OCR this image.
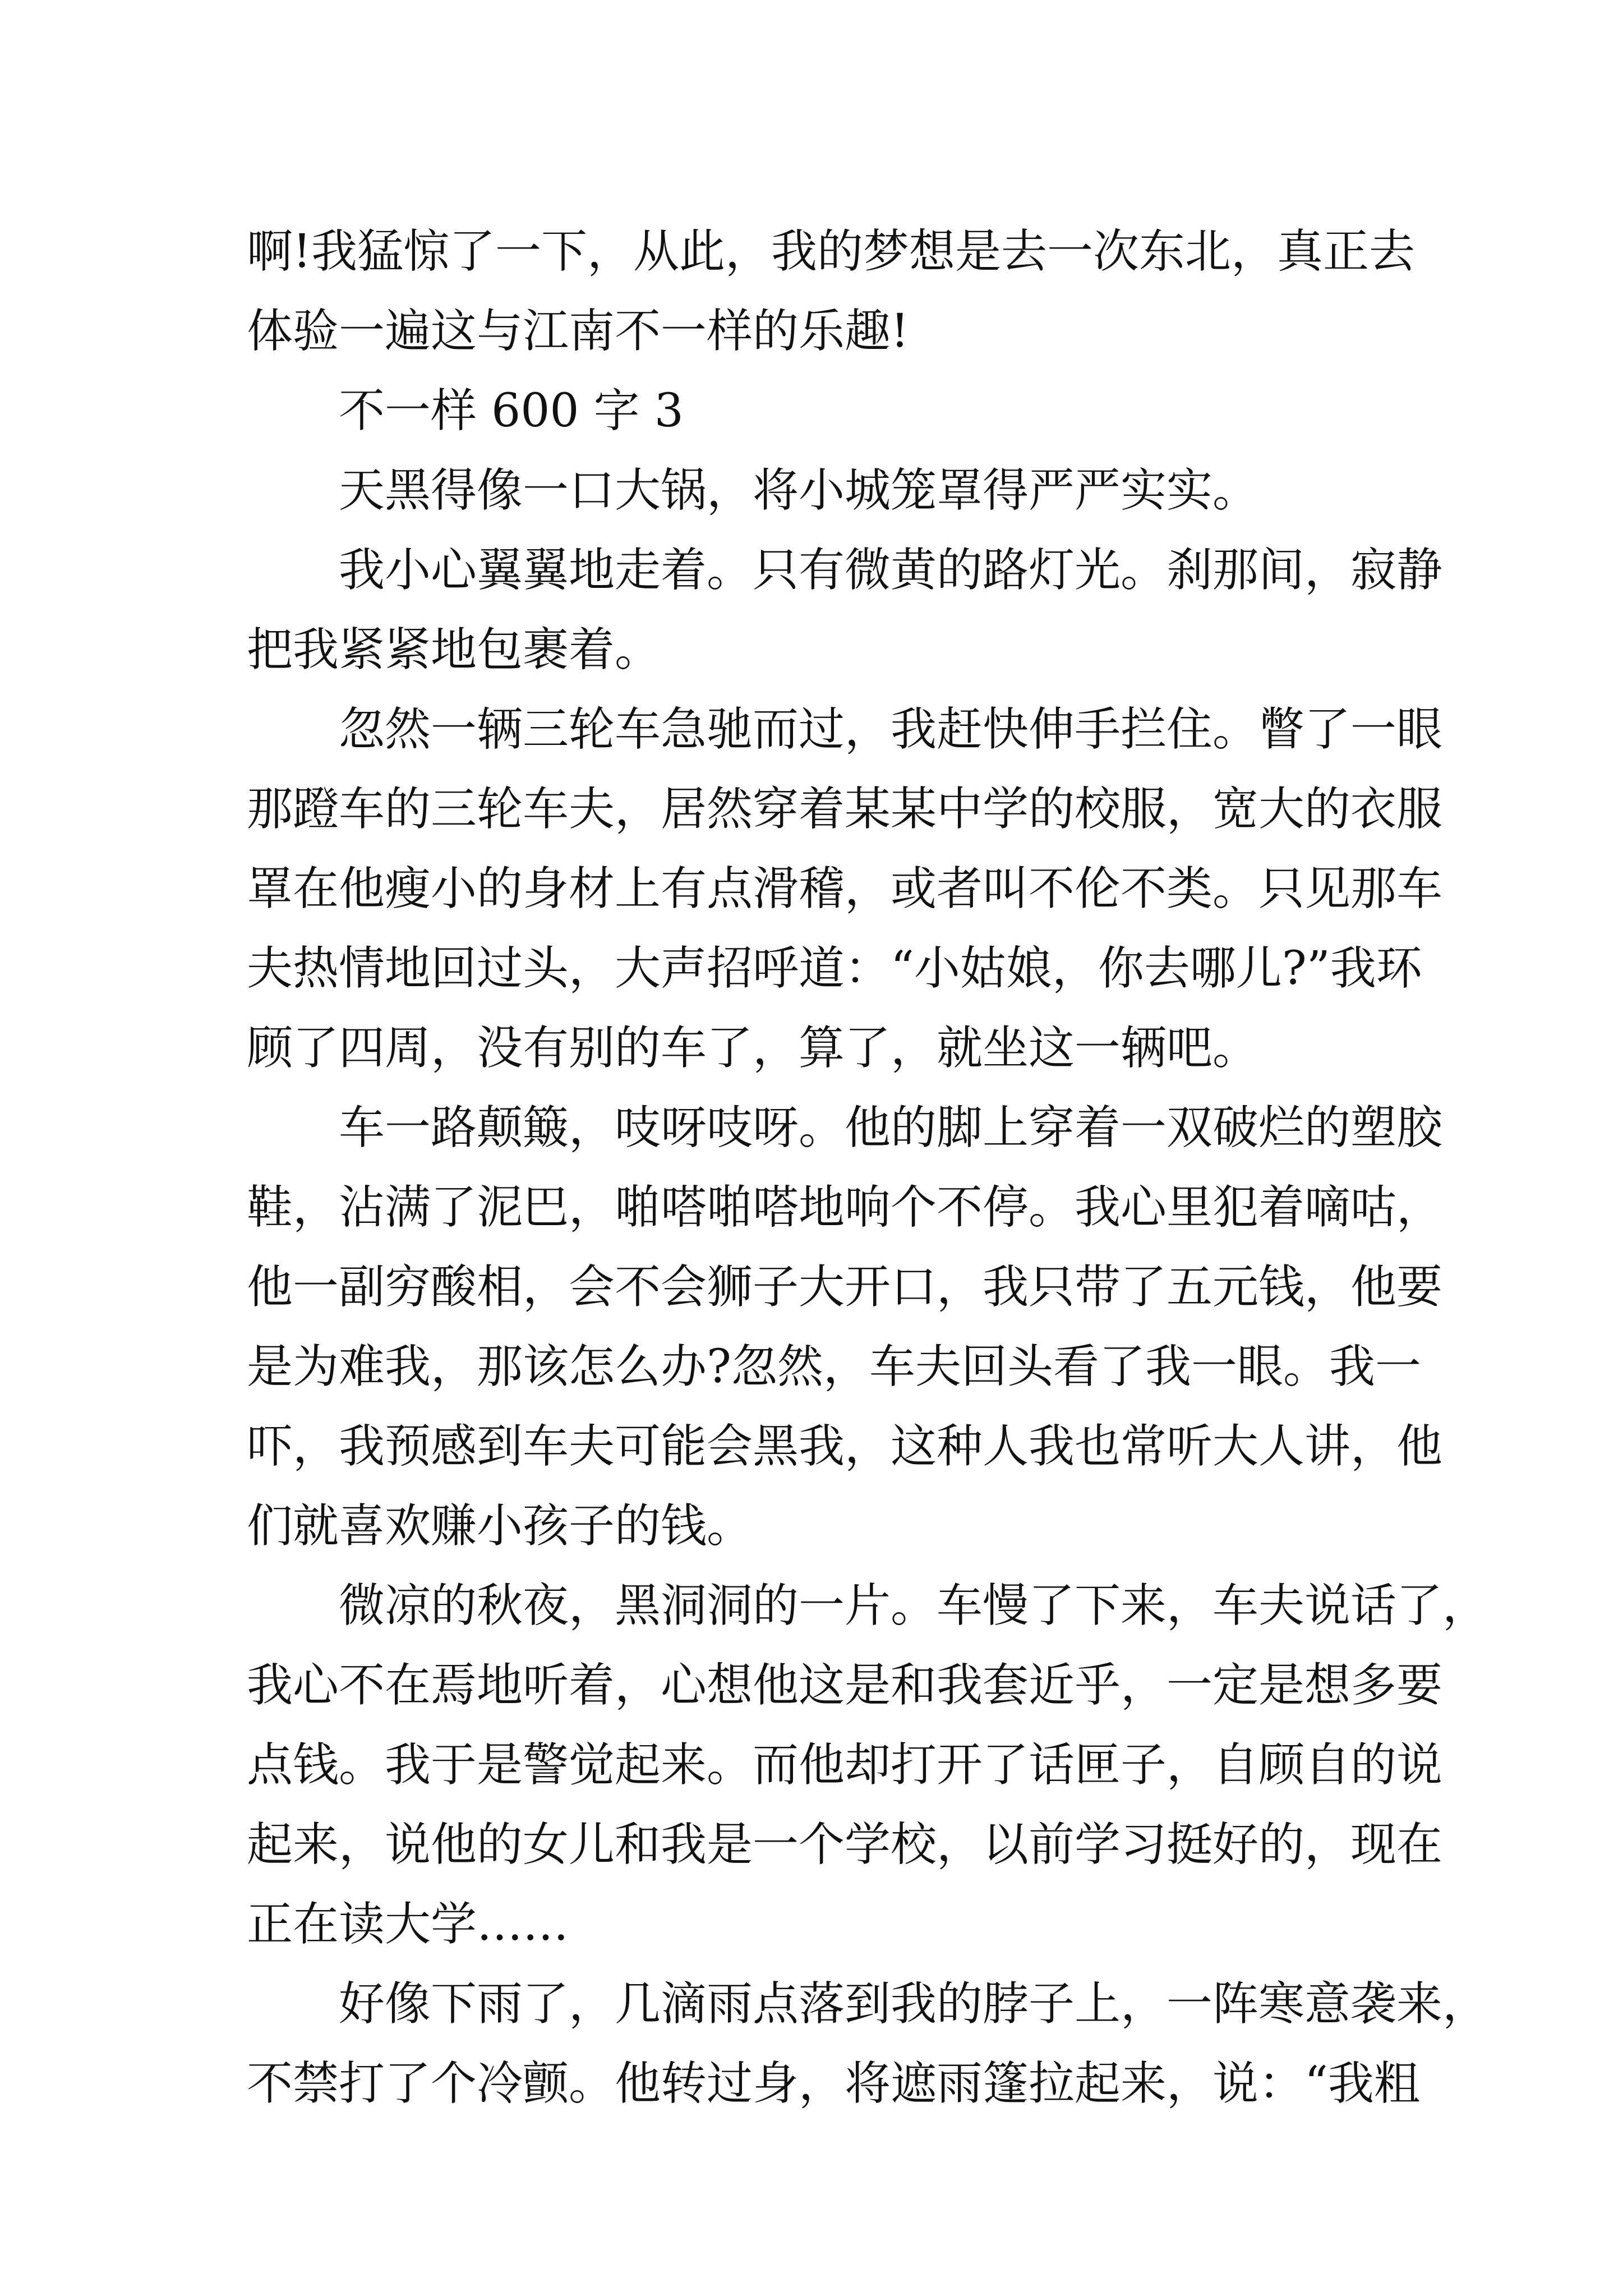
啊!我猛惊了一下，从此，我的梦想是去一次东北，真正去
体验一遍这与江南不一样的乐趣!
不一样 600 字 3
天黑得像一口大锅，将小城笼罩得严严实实。
我小心翼翼地走着。只有微黄的路灯光。刹那间，寂静
把我紧紧地包裹着。
忽然一辆三轮车急驰而过，我赶快伸手拦住。瞥了一眼
那蹬车的三轮车夫，居然穿着某某中学的校服，宽大的衣服
罩在他瘦小的身材上有点滑稽，或者叫不伦不类。只见那车
夫热情地回过头，大声招呼道：“小姑娘，你去哪儿?”我环
顾了四周，没有别的车了，算了，就坐这一辆吧。
车一路颠簸，吱呀吱呀。他的脚上穿着一双破烂的塑胶
鞋，沾满了泥巴，啪嗒啪嗒地响个不停。我心里犯着嘀咕，
他一副穷酸相，会不会狮子大开口，我只带了五元钱，他要
是为难我，那该怎么办?忽然，车夫回头看了我一眼。我一
吓，我预感到车夫可能会黑我，这种人我也常听大人讲，他
们就喜欢赚小孩子的钱。
微凉的秋夜，黑洞洞的一片。车慢了下来，车夫说话了，
我心不在焉地听着，心想他这是和我套近乎，一定是想多要
点钱。我于是警觉起来。而他却打开了话匣子，自顾自的说
起来，说他的女儿和我是一个学校，以前学习挺好的，现在
正在读大学……
好像下雨了，几滴雨点落到我的脖子上，一阵寒意袭来，
不禁打了个冷颤。他转过身，将遮雨篷拉起来，说：“我粗
